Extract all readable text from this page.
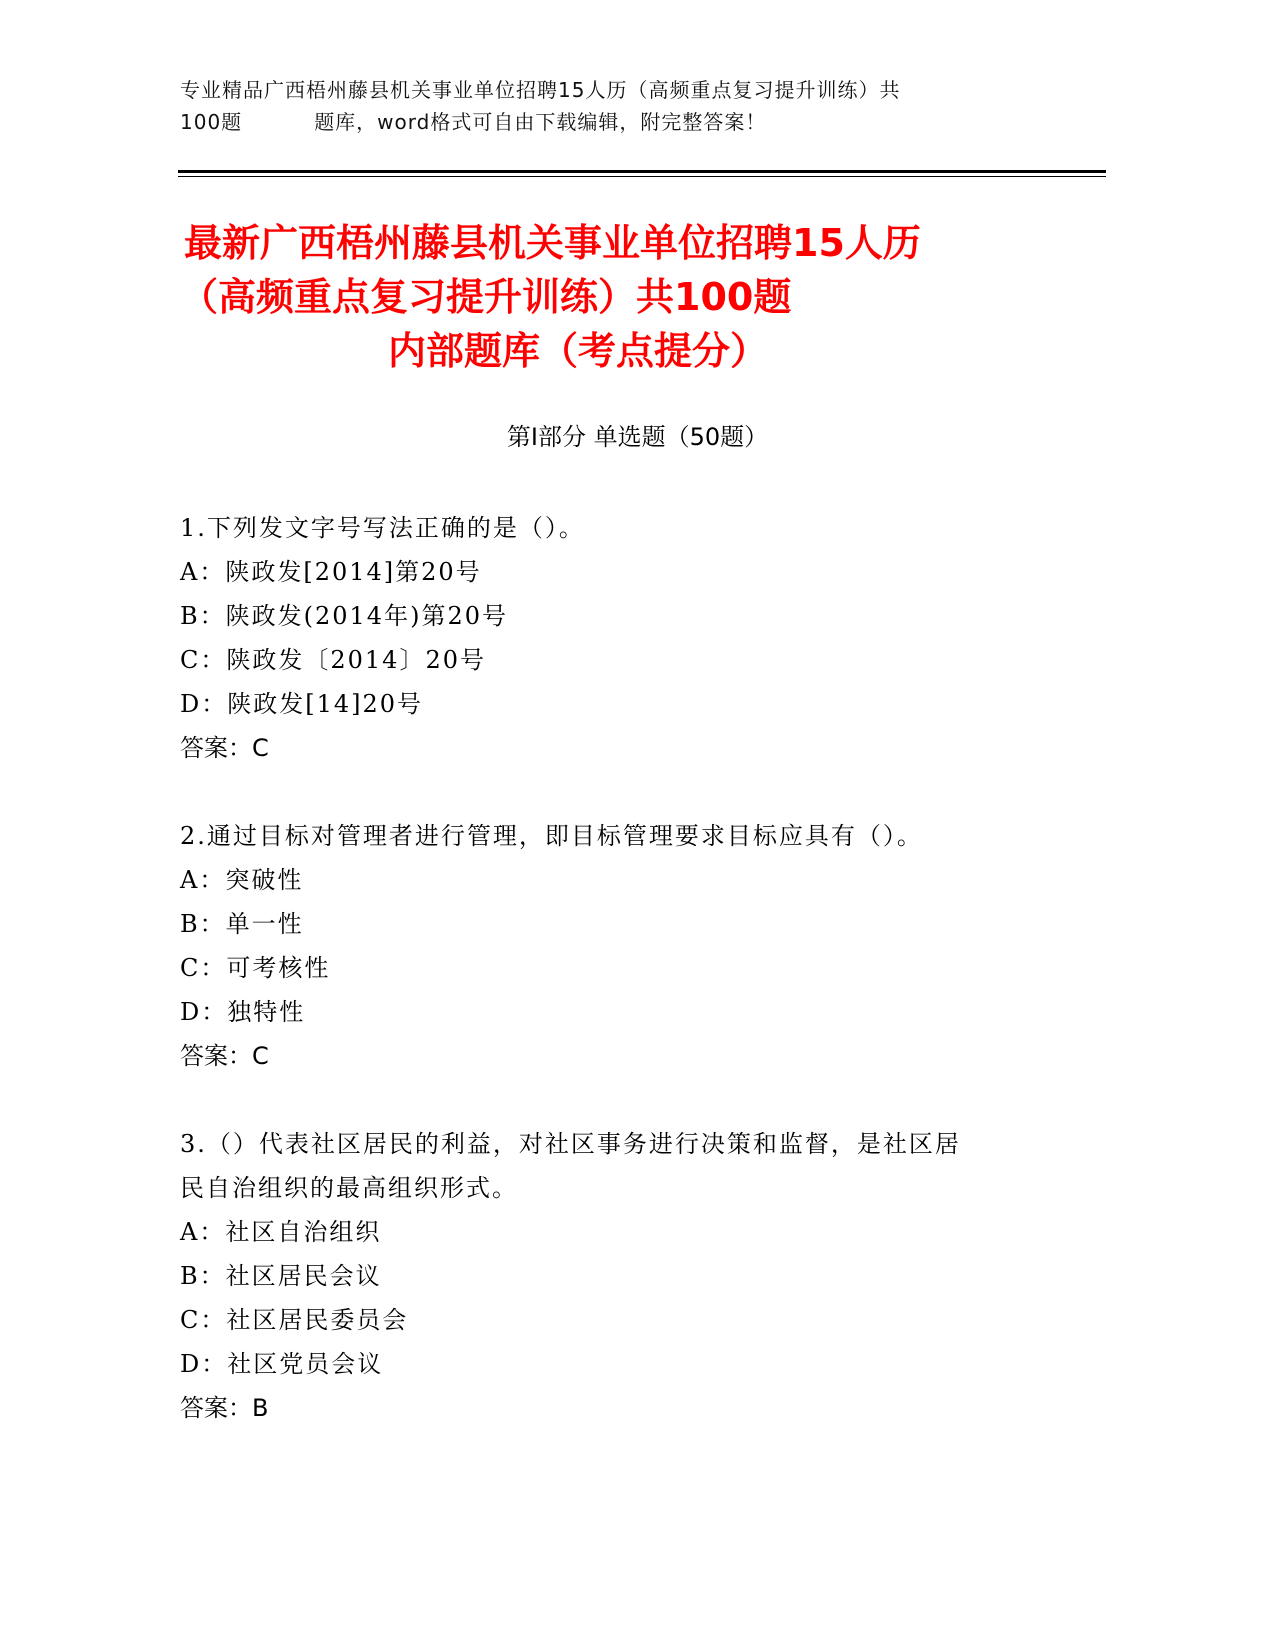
专业精品广西梧州藤县机关事业单位招聘15人历（高频重点复习提升训练）共
100题	题库，word格式可自由下载编辑，附完整答案！
最新广西梧州藤县机关事业单位招聘15人历
（高频重点复习提升训练）共100题
内部题库（考点提分）
第Ⅰ部分 单选题（50题）

1.下列发文字号写法正确的是（）。

A：陕政发[2014]第20号

B：陕政发(2014年)第20号

C：陕政发〔2014〕20号

D：陕政发[14]20号

答案：C

2.通过目标对管理者进行管理，即目标管理要求目标应具有（）。

A：突破性

B：单一性

C：可考核性

D：独特性

答案：C

3.（）代表社区居民的利益，对社区事务进行决策和监督，是社区居

民自治组织的最高组织形式。

A：社区自治组织

B：社区居民会议

C：社区居民委员会

D：社区党员会议

答案：B
